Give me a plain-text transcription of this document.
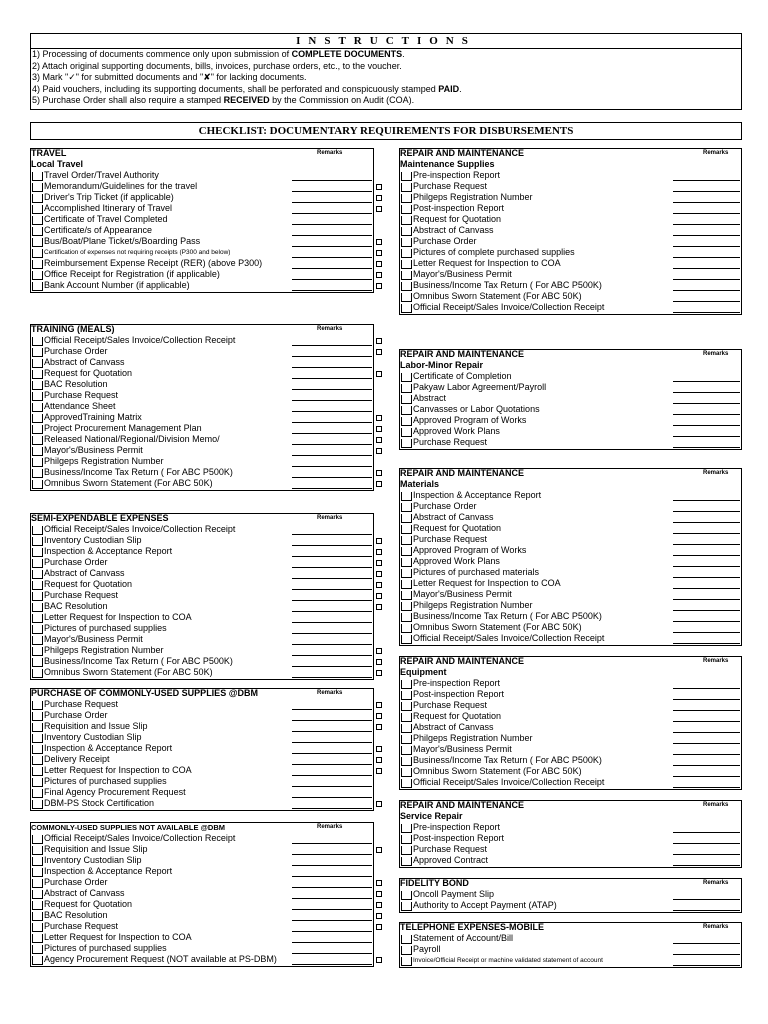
INSTRUCTIONS
1) Processing of documents commence only upon submission of COMPLETE DOCUMENTS.
2) Attach original supporting documents, bills, invoices, purchase orders, etc., to the voucher.
3) Mark "✓" for submitted documents and "✘" for lacking documents.
4) Paid vouchers, including its supporting documents, shall be perforated and conspicuously stamped PAID.
5) Purchase Order shall also require a stamped RECEIVED by the Commission on Audit (COA).
CHECKLIST: DOCUMENTARY REQUIREMENTS FOR DISBURSEMENTS
TRAVEL	Remarks
Local Travel
Travel Order/Travel Authority
Memorandum/Guidelines for the travel
Driver's Trip Ticket (if applicable)
Accomplished Itinerary of Travel
Certificate of Travel Completed
Certificate/s of Appearance
Bus/Boat/Plane Ticket/s/Boarding Pass
Certification of expenses not requiring receipts (P300 and below)
Reimbursement Expense Receipt (RER) (above P300)
Office Receipt for Registration (if applicable)
Bank Account Number (if applicable)
TRAINING (MEALS)	Remarks
Official Receipt/Sales Invoice/Collection Receipt
Purchase Order
Abstract of Canvass
Request for Quotation
BAC Resolution
Purchase Request
Attendance Sheet
ApprovedTraining Matrix
Project Procurement Management Plan
Released National/Regional/Division Memo/
Mayor's/Business Permit
Philgeps Registration Number
Business/Income Tax Return ( For ABC P500K)
Omnibus Sworn Statement (For ABC 50K)
SEMI-EXPENDABLE EXPENSES	Remarks
Official Receipt/Sales Invoice/Collection Receipt
Inventory Custodian Slip
Inspection & Acceptance Report
Purchase Order
Abstract of Canvass
Request for Quotation
Purchase Request
BAC Resolution
Letter Request for Inspection to COA
Pictures of purchased supplies
Mayor's/Business Permit
Philgeps Registration Number
Business/Income Tax Return ( For ABC P500K)
Omnibus Sworn Statement (For ABC 50K)
PURCHASE OF COMMONLY-USED SUPPLIES @DBM	Remarks
Purchase Request
Purchase Order
Requisition and Issue Slip
Inventory Custodian Slip
Inspection & Acceptance Report
Delivery Receipt
Letter Request for Inspection to COA
Pictures of purchased supplies
Final Agency Procurement Request
DBM-PS Stock Certification
COMMONLY-USED SUPPLIES NOT AVAILABLE @DBM	Remarks
Official Receipt/Sales Invoice/Collection Receipt
Requisition and Issue Slip
Inventory Custodian Slip
Inspection & Acceptance Report
Purchase Order
Abstract of Canvass
Request for Quotation
BAC Resolution
Purchase Request
Letter Request for Inspection to COA
Pictures of purchased supplies
Agency Procurement Request (NOT available at PS-DBM)
REPAIR AND MAINTENANCE	Remarks
Maintenance Supplies
Pre-inspection Report
Purchase Request
Philgeps Registration Number
Post-inspection Report
Request for Quotation
Abstract of Canvass
Purchase Order
Pictures of complete purchased supplies
Letter Request for Inspection to COA
Mayor's/Business Permit
Business/Income Tax Return ( For ABC P500K)
Omnibus Sworn Statement (For ABC 50K)
Official Receipt/Sales Invoice/Collection Receipt
REPAIR AND MAINTENANCE	Remarks
Labor-Minor Repair
Certificate of Completion
Pakyaw Labor Agreement/Payroll
Abstract
Canvasses or Labor Quotations
Approved Program of Works
Approved Work Plans
Purchase Request
REPAIR AND MAINTENANCE	Remarks
Materials
Inspection & Acceptance Report
Purchase Order
Abstract of Canvass
Request for Quotation
Purchase Request
Approved Program of Works
Approved Work Plans
Pictures of purchased materials
Letter Request for Inspection to COA
Mayor's/Business Permit
Philgeps Registration Number
Business/Income Tax Return ( For ABC P500K)
Omnibus Sworn Statement (For ABC 50K)
Official Receipt/Sales Invoice/Collection Receipt
REPAIR AND MAINTENANCE	Remarks
Equipment
Pre-inspection Report
Post-inspection Report
Purchase Request
Request for Quotation
Abstract of Canvass
Philgeps Registration Number
Mayor's/Business Permit
Business/Income Tax Return ( For ABC P500K)
Omnibus Sworn Statement (For ABC 50K)
Official Receipt/Sales Invoice/Collection Receipt
REPAIR AND MAINTENANCE	Remarks
Service Repair
Pre-inspection Report
Post-inspection Report
Purchase Request
Approved Contract
FIDELITY BOND	Remarks
Oncoll Payment Slip
Authority to Accept Payment (ATAP)
TELEPHONE EXPENSES-MOBILE	Remarks
Statement of Account/Bill
Payroll
Invoice/Official Receipt or machine validated statement of account
